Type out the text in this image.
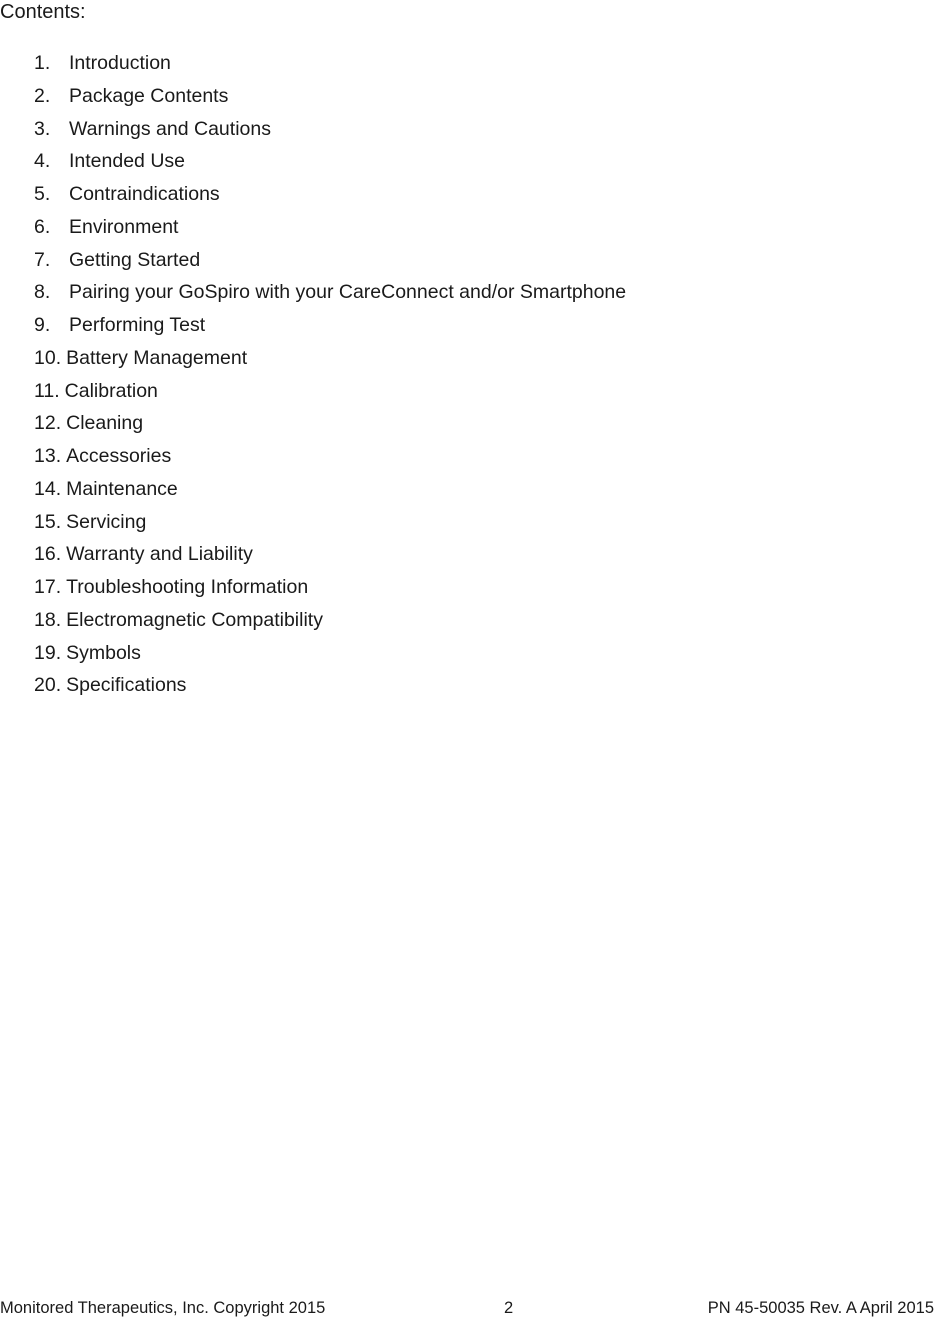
Contents:
1. Introduction
2. Package Contents
3. Warnings and Cautions
4. Intended Use
5. Contraindications
6. Environment
7. Getting Started
8. Pairing your GoSpiro with your CareConnect and/or Smartphone
9. Performing Test
10. Battery Management
11. Calibration
12. Cleaning
13. Accessories
14. Maintenance
15. Servicing
16. Warranty and Liability
17. Troubleshooting Information
18. Electromagnetic Compatibility
19. Symbols
20. Specifications
Monitored Therapeutics, Inc. Copyright 2015	2	PN 45-50035 Rev. A April 2015
